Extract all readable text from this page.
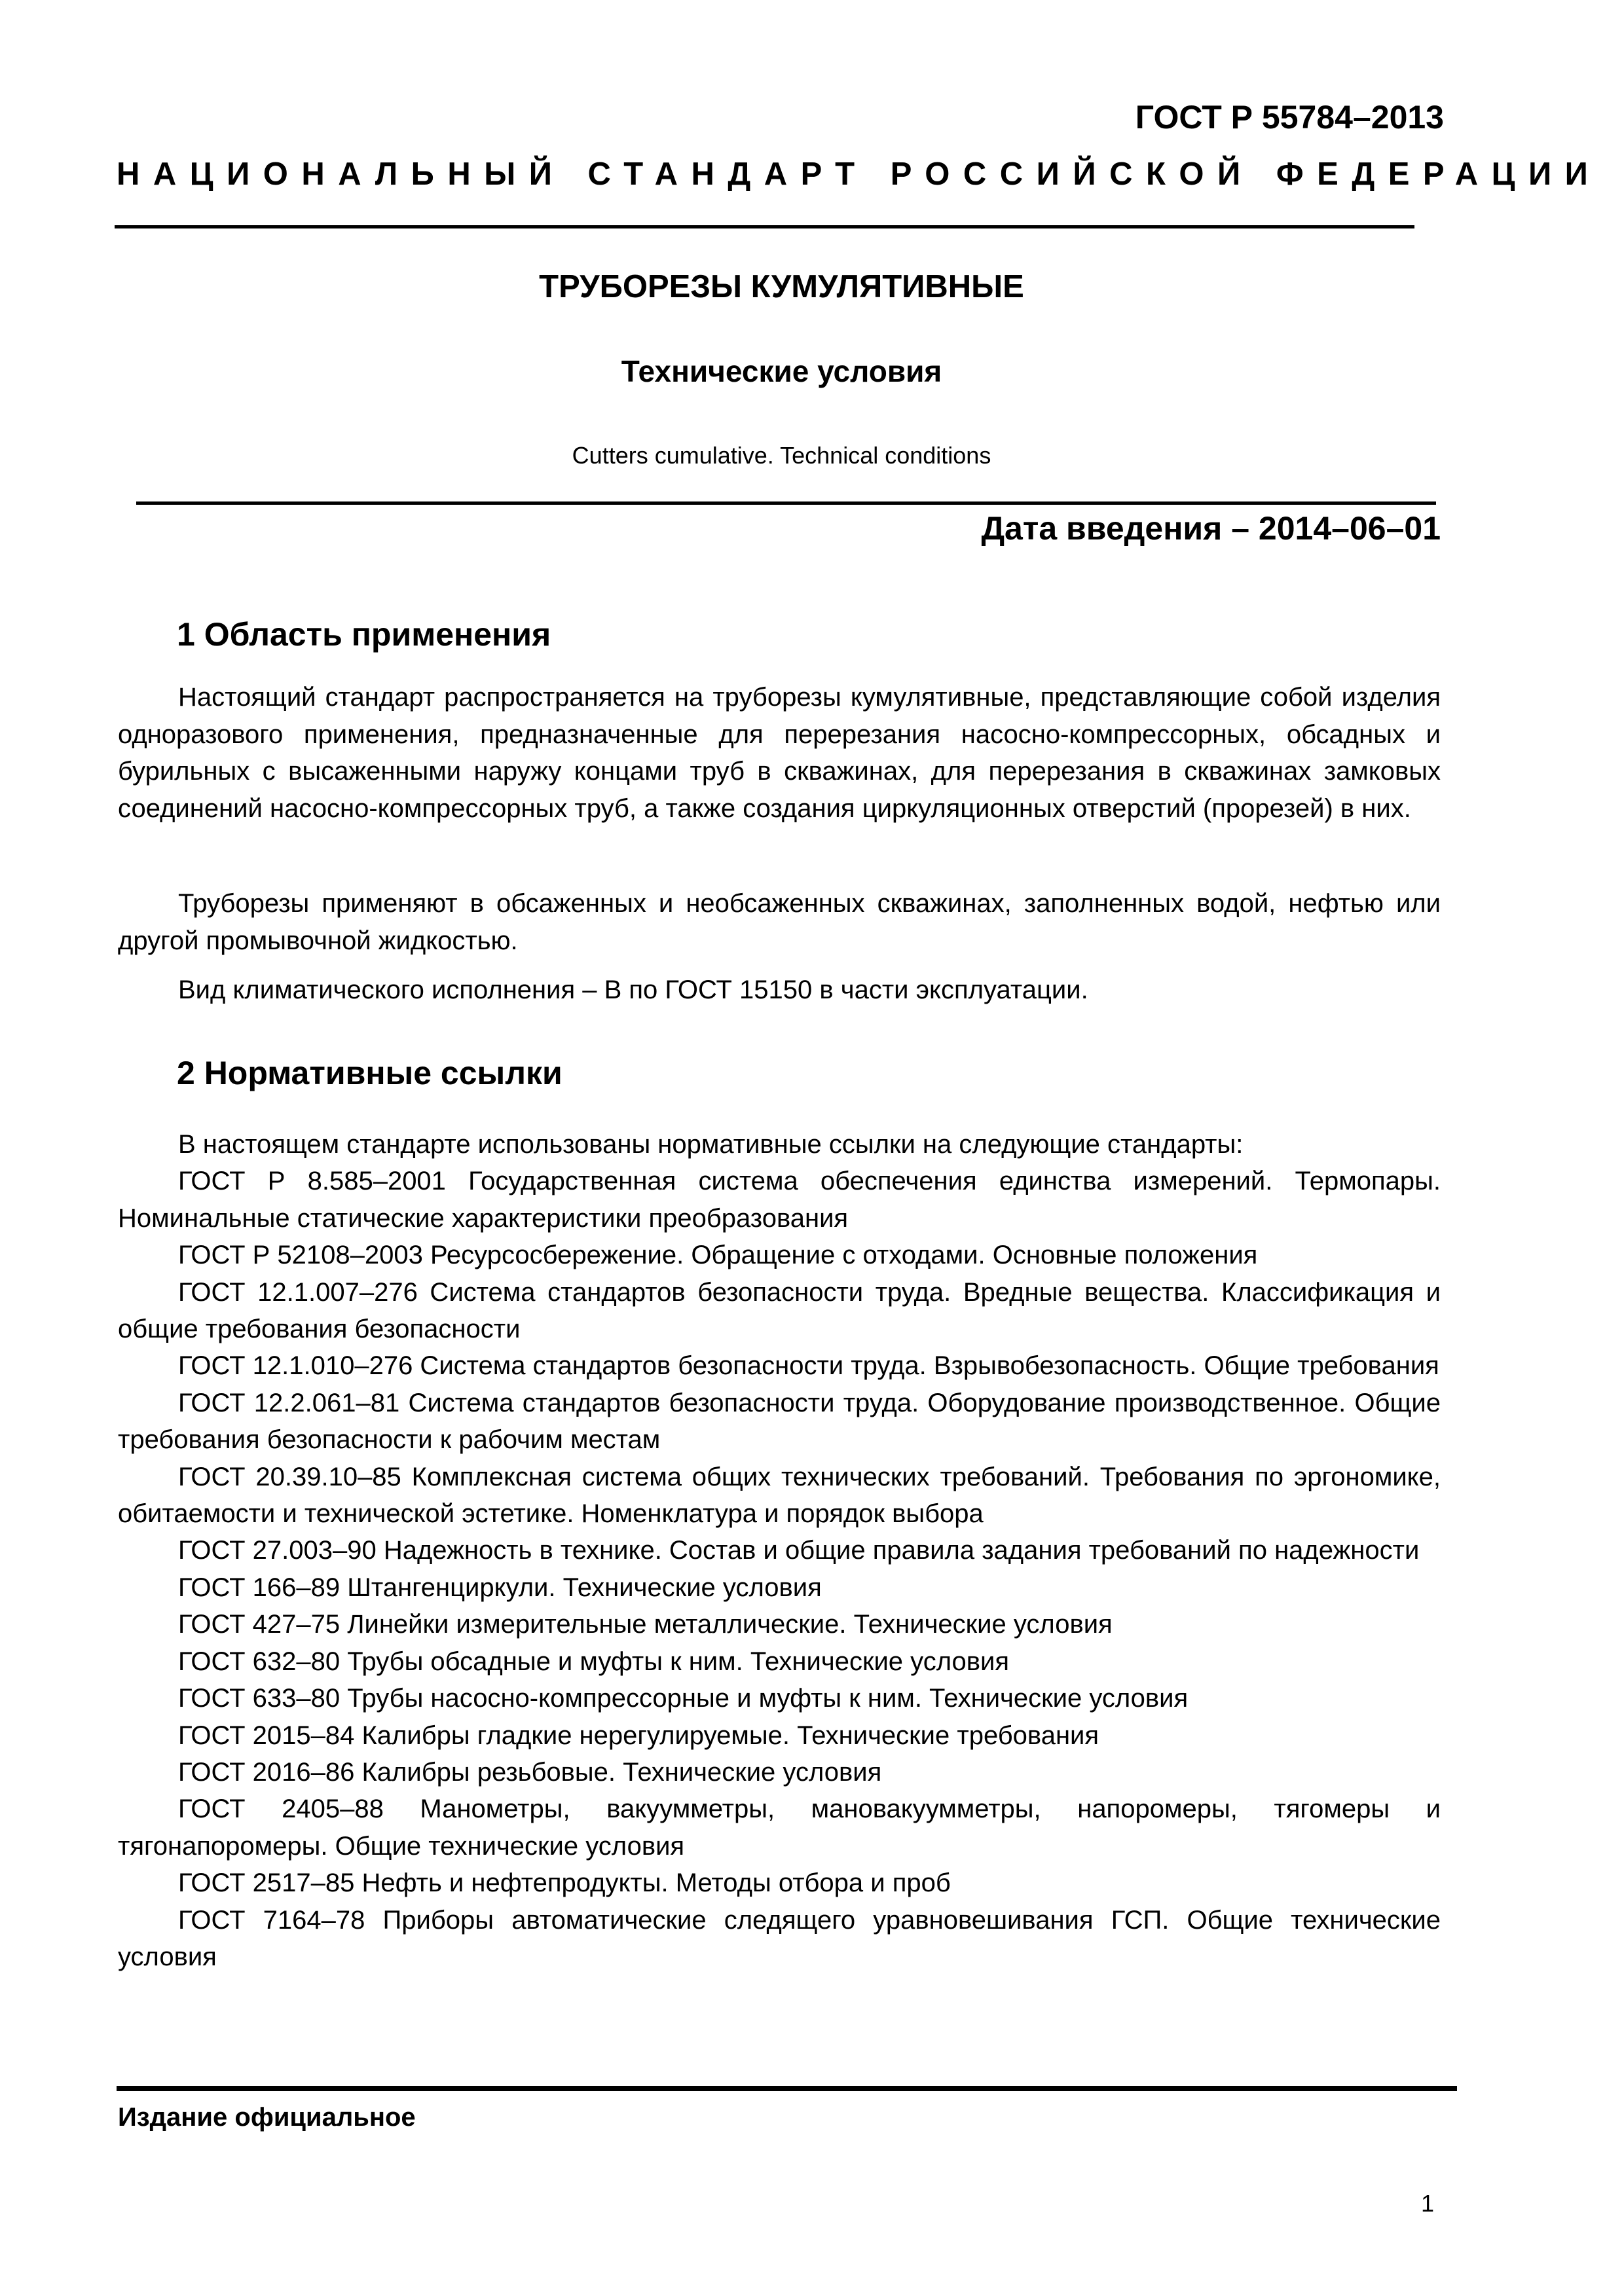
ГОСТ Р 55784–2013
НАЦИОНАЛЬНЫЙ СТАНДАРТ РОССИЙСКОЙ ФЕДЕРАЦИИ
ТРУБОРЕЗЫ КУМУЛЯТИВНЫЕ
Технические условия
Cutters cumulative. Technical conditions
Дата введения – 2014–06–01
1 Область применения

Настоящий стандарт распространяется на труборезы кумулятивные, представляющие собой изделия одноразового применения, предназначенные для перерезания насосно-компрессорных, обсадных и бурильных с высаженными наружу концами труб в скважинах, для перерезания в скважинах замковых соединений насосно-компрессорных труб, а также создания циркуляционных отверстий (прорезей) в них.

Труборезы применяют в обсаженных и необсаженных скважинах, заполненных водой, нефтью или другой промывочной жидкостью.

Вид климатического исполнения – В по ГОСТ 15150 в части эксплуатации.

2 Нормативные ссылки

В настоящем стандарте использованы нормативные ссылки на следующие стандарты:

ГОСТ Р 8.585–2001 Государственная система обеспечения единства измерений. Термопары. Номинальные статические характеристики преобразования

ГОСТ Р 52108–2003 Ресурсосбережение. Обращение с отходами. Основные положения

ГОСТ 12.1.007–276 Система стандартов безопасности труда. Вредные вещества. Классификация и общие требования безопасности

ГОСТ 12.1.010–276 Система стандартов безопасности труда. Взрывобезопасность. Общие требования

ГОСТ 12.2.061–81 Система стандартов безопасности труда. Оборудование производственное. Общие требования безопасности к рабочим местам

ГОСТ 20.39.10–85 Комплексная система общих технических требований. Требования по эргономике, обитаемости и технической эстетике. Номенклатура и порядок выбора

ГОСТ 27.003–90 Надежность в технике. Состав и общие правила задания требований по надежности

ГОСТ 166–89 Штангенциркули. Технические условия

ГОСТ 427–75 Линейки измерительные металлические. Технические условия

ГОСТ 632–80 Трубы обсадные и муфты к ним. Технические условия

ГОСТ 633–80 Трубы насосно-компрессорные и муфты к ним. Технические условия

ГОСТ 2015–84 Калибры гладкие нерегулируемые. Технические требования

ГОСТ 2016–86 Калибры резьбовые. Технические условия

ГОСТ 2405–88 Манометры, вакуумметры, мановакуумметры, напоромеры, тягомеры и тягонапоромеры. Общие технические условия

ГОСТ 2517–85 Нефть и нефтепродукты. Методы отбора и проб

ГОСТ 7164–78 Приборы автоматические следящего уравновешивания ГСП. Общие технические условия

Издание официальное
1
